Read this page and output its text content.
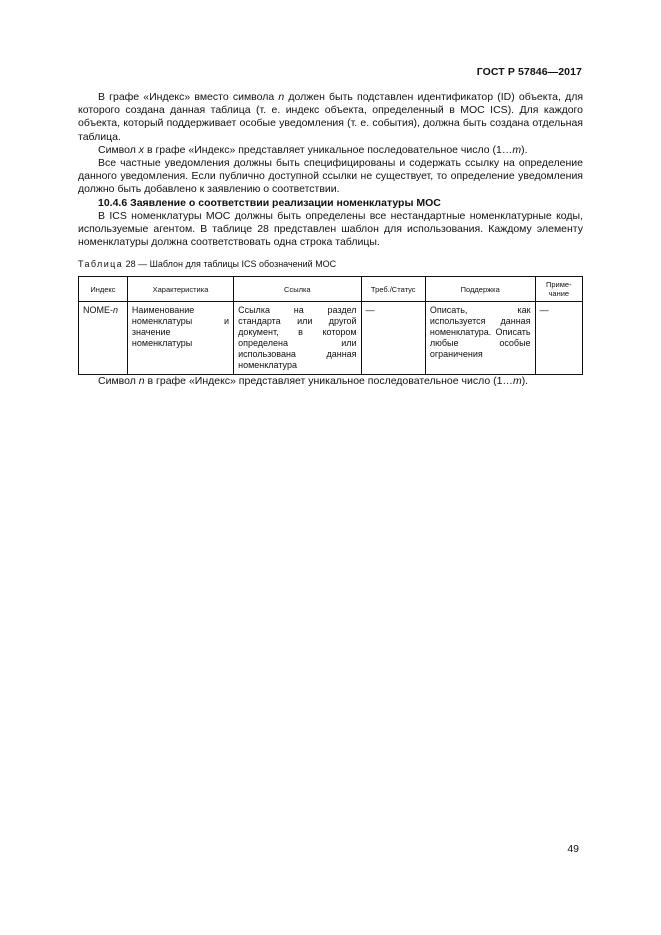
ГОСТ Р 57846—2017

В графе «Индекс» вместо символа n должен быть подставлен идентификатор (ID) объекта, для которого создана данная таблица (т. е. индекс объекта, определенный в МОС ICS). Для каждого объекта, который поддерживает особые уведомления (т. е. события), должна быть создана отдельная таблица.

Символ x в графе «Индекс» представляет уникальное последовательное число (1…m).

Все частные уведомления должны быть специфицированы и содержать ссылку на определение данного уведомления. Если публично доступной ссылки не существует, то определение уведомления должно быть добавлено к заявлению о соответствии.

10.4.6 Заявление о соответствии реализации номенклатуры МОС

В ICS номенклатуры МОС должны быть определены все нестандартные номенклатурные коды, используемые агентом. В таблице 28 представлен шаблон для использования. Каждому элементу номенклатуры должна соответствовать одна строка таблицы.

Таблица 28 — Шаблон для таблицы ICS обозначений МОС
Индекс	Характеристика	Ссылка	Треб./Статус	Поддержка	Приме-чание
NOME-n	Наименование номенклатуры и значение номенклатуры	Ссылка на раздел стандарта или другой документ, в котором определена или использована данная номенклатура	—	Описать, как используется данная номенклатура. Описать любые особые ограничения	—

Символ n в графе «Индекс» представляет уникальное последовательное число (1…m).

49
